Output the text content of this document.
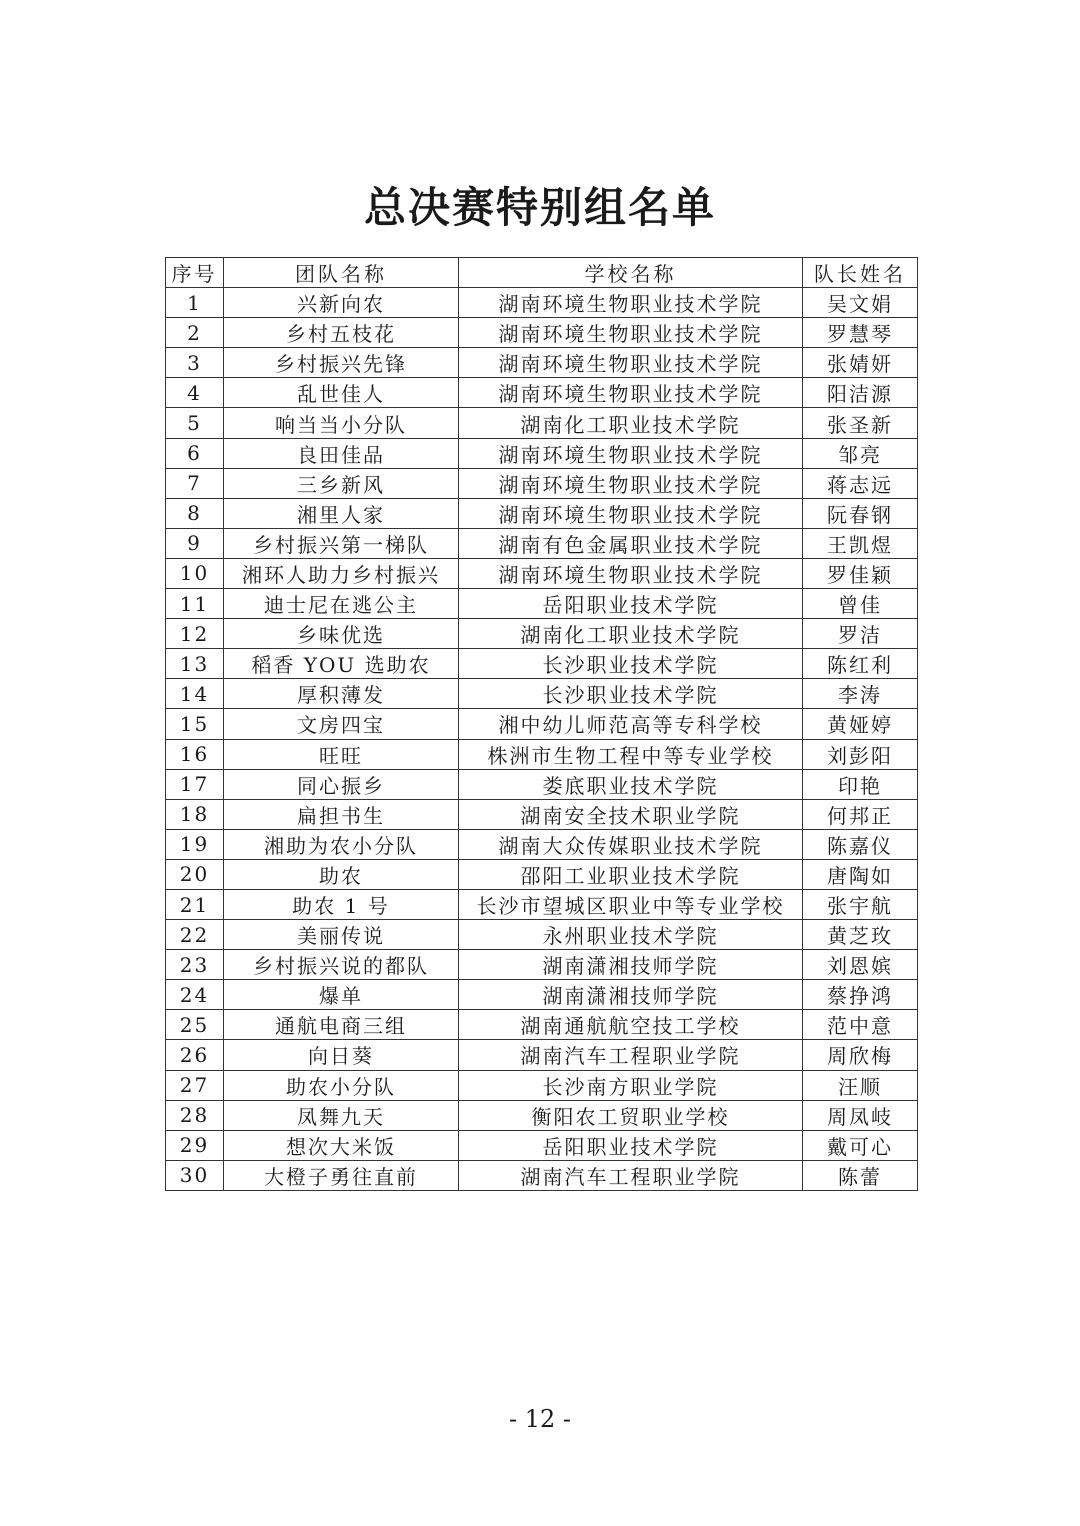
总决赛特别组名单
序号	团队名称	学校名称	队长姓名
1	兴新向农	湖南环境生物职业技术学院	吴文娟
2	乡村五枝花	湖南环境生物职业技术学院	罗慧琴
3	乡村振兴先锋	湖南环境生物职业技术学院	张婧妍
4	乱世佳人	湖南环境生物职业技术学院	阳洁源
5	响当当小分队	湖南化工职业技术学院	张圣新
6	良田佳品	湖南环境生物职业技术学院	邹亮
7	三乡新风	湖南环境生物职业技术学院	蒋志远
8	湘里人家	湖南环境生物职业技术学院	阮春钢
9	乡村振兴第一梯队	湖南有色金属职业技术学院	王凯煜
10	湘环人助力乡村振兴	湖南环境生物职业技术学院	罗佳颖
11	迪士尼在逃公主	岳阳职业技术学院	曾佳
12	乡味优选	湖南化工职业技术学院	罗洁
13	稻香 YOU 选助农	长沙职业技术学院	陈红利
14	厚积薄发	长沙职业技术学院	李涛
15	文房四宝	湘中幼儿师范高等专科学校	黄娅婷
16	旺旺	株洲市生物工程中等专业学校	刘彭阳
17	同心振乡	娄底职业技术学院	印艳
18	扁担书生	湖南安全技术职业学院	何邦正
19	湘助为农小分队	湖南大众传媒职业技术学院	陈嘉仪
20	助农	邵阳工业职业技术学院	唐陶如
21	助农 1 号	长沙市望城区职业中等专业学校	张宇航
22	美丽传说	永州职业技术学院	黄芝玫
23	乡村振兴说的都队	湖南潇湘技师学院	刘恩嫔
24	爆单	湖南潇湘技师学院	蔡挣鸿
25	通航电商三组	湖南通航航空技工学校	范中意
26	向日葵	湖南汽车工程职业学院	周欣梅
27	助农小分队	长沙南方职业学院	汪顺
28	凤舞九天	衡阳农工贸职业学校	周凤岐
29	想次大米饭	岳阳职业技术学院	戴可心
30	大橙子勇往直前	湖南汽车工程职业学院	陈蕾
- 12 -
